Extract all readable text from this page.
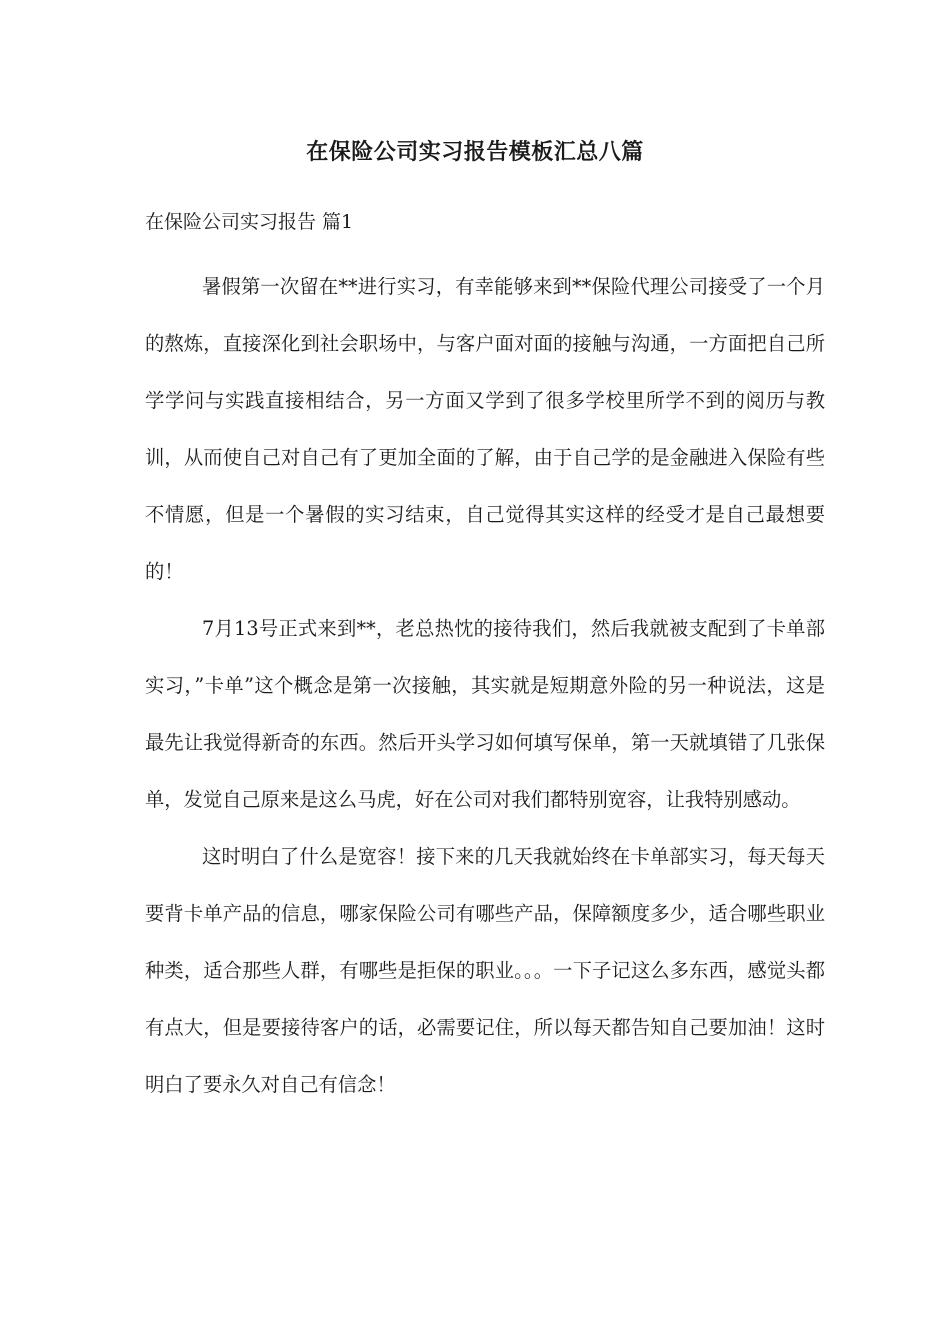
在保险公司实习报告模板汇总八篇
在保险公司实习报告 篇1

暑假第一次留在**进行实习，有幸能够来到**保险代理公司接受了一个月的熬炼，直接深化到社会职场中，与客户面对面的接触与沟通，一方面把自己所学学问与实践直接相结合，另一方面又学到了很多学校里所学不到的阅历与教训，从而使自己对自己有了更加全面的了解，由于自己学的是金融进入保险有些不情愿，但是一个暑假的实习结束，自己觉得其实这样的经受才是自己最想要的！

7月13号正式来到**，老总热忱的接待我们，然后我就被支配到了卡单部实习，”卡单”这个概念是第一次接触，其实就是短期意外险的另一种说法，这是最先让我觉得新奇的东西。然后开头学习如何填写保单，第一天就填错了几张保单，发觉自己原来是这么马虎，好在公司对我们都特别宽容，让我特别感动。

这时明白了什么是宽容！接下来的几天我就始终在卡单部实习，每天每天要背卡单产品的信息，哪家保险公司有哪些产品，保障额度多少，适合哪些职业种类，适合那些人群，有哪些是拒保的职业。。。一下子记这么多东西，感觉头都有点大，但是要接待客户的话，必需要记住，所以每天都告知自己要加油！这时明白了要永久对自己有信念！
